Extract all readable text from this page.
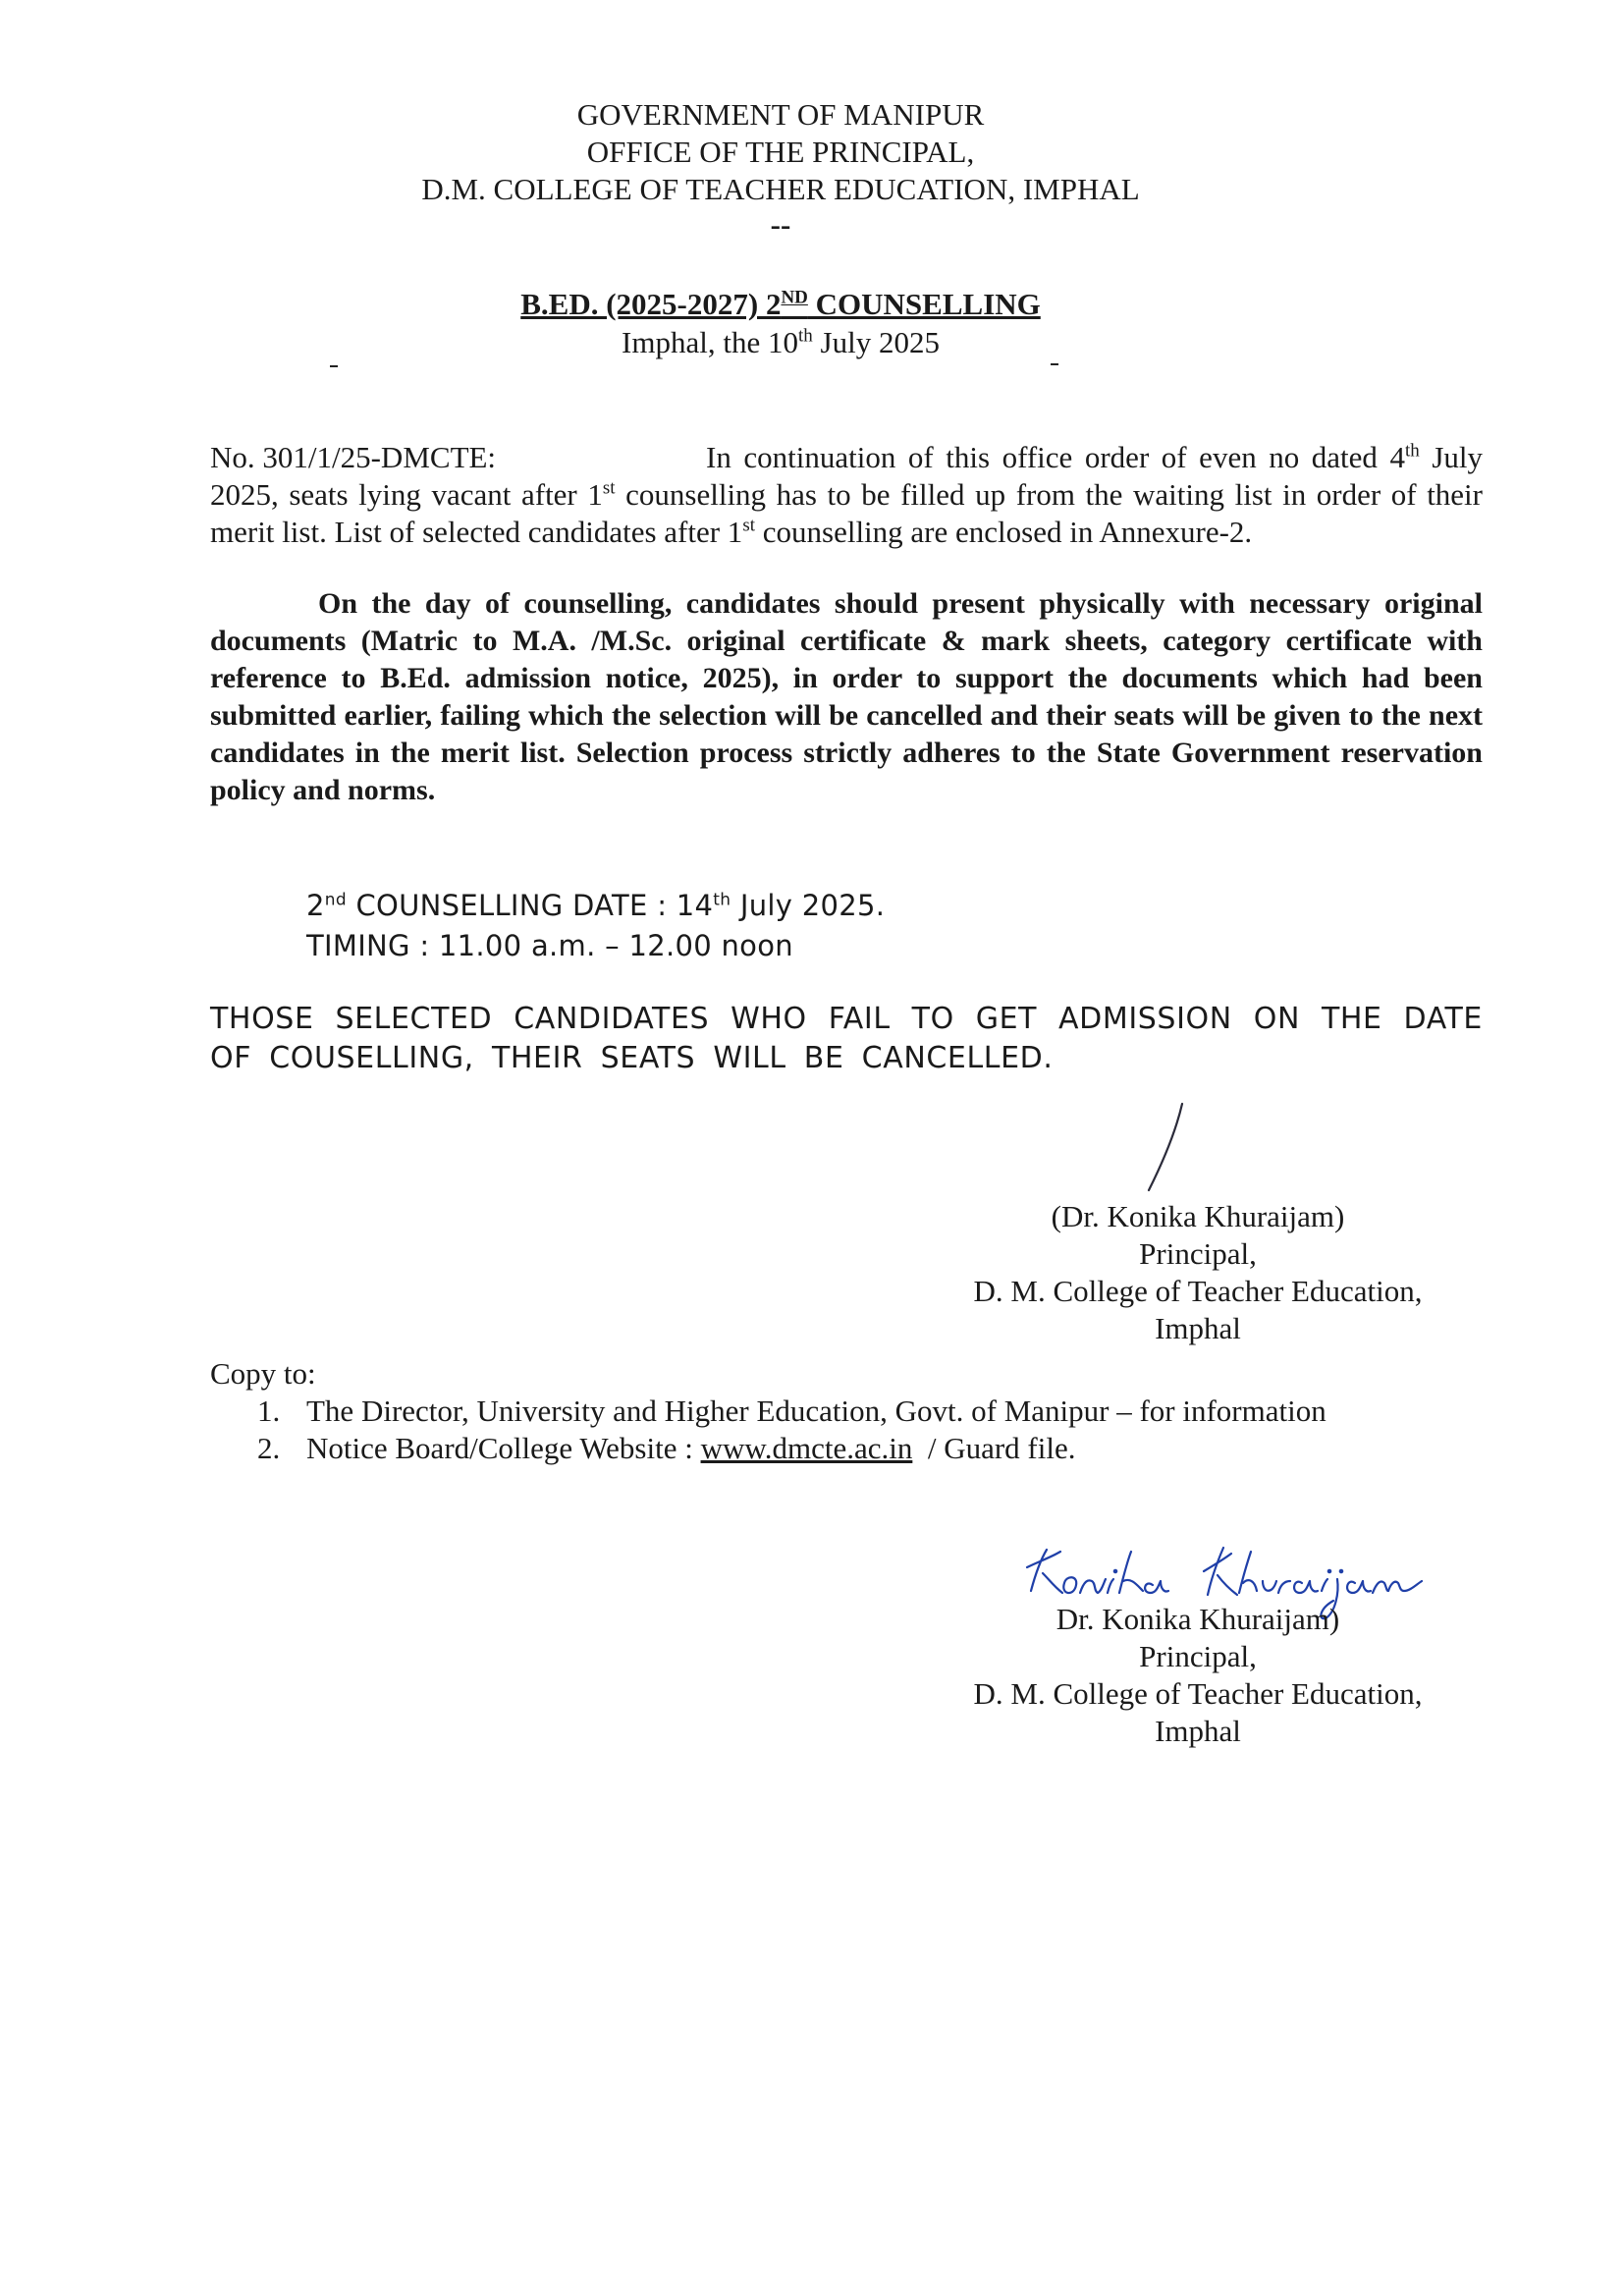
GOVERNMENT OF MANIPUR
OFFICE OF THE PRINCIPAL,
D.M. COLLEGE OF TEACHER EDUCATION, IMPHAL
--
B.ED. (2025-2027) 2ND COUNSELLING
Imphal, the 10th July 2025
No. 301/1/25-DMCTE:	In continuation of this office order of even no dated 4th July 2025, seats lying vacant after 1st counselling has to be filled up from the waiting list in order of their merit list. List of selected candidates after 1st counselling are enclosed in Annexure-2.
On the day of counselling, candidates should present physically with necessary original documents (Matric to M.A. /M.Sc. original certificate & mark sheets, category certificate with reference to B.Ed. admission notice, 2025), in order to support the documents which had been submitted earlier, failing which the selection will be cancelled and their seats will be given to the next candidates in the merit list. Selection process strictly adheres to the State Government reservation policy and norms.
2nd COUNSELLING DATE : 14th July 2025.
TIMING : 11.00 a.m. – 12.00 noon
THOSE SELECTED CANDIDATES WHO FAIL TO GET ADMISSION ON THE DATE OF COUSELLING, THEIR SEATS WILL BE CANCELLED.
(Dr. Konika Khuraijam)
Principal,
D. M. College of Teacher Education,
Imphal
Copy to:
1. The Director, University and Higher Education, Govt. of Manipur – for information
2. Notice Board/College Website : www.dmcte.ac.in  / Guard file.
Dr. Konika Khuraijam)
Principal,
D. M. College of Teacher Education,
Imphal
